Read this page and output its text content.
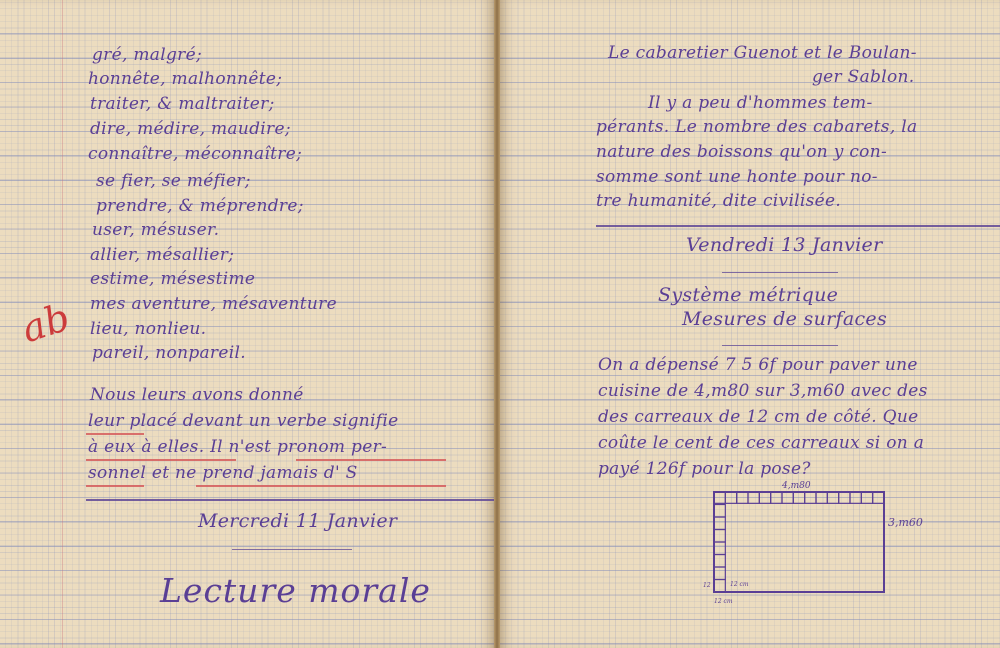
gré, malgré;
honnête, malhonnête;
traiter, & maltraiter;
dire, médire, maudire;
connaître, méconnaître;
se fier, se méfier;
prendre, & méprendre;
user, mésuser.
allier, mésallier;
estime, mésestime
mes aventure, mésaventure
lieu, nonlieu.
pareil, nonpareil.
ab
Nous leurs avons donné
leur placé devant un verbe signifie
à eux à elles. Il n'est pronom per-
sonnel et ne prend jamais d' S
Mercredi 11 Janvier
Lecture morale
Le cabaretier Guenot et le Boulan-
ger Sablon.
Il y a peu d'hommes tem-
pérants. Le nombre des cabarets, la
nature des boissons qu'on y con-
somme sont une honte pour no-
tre humanité, dite civilisée.
Vendredi 13 Janvier
Système métrique
Mesures de surfaces
On a dépensé 7 5 6f pour paver une
cuisine de 4,m80 sur 3,m60 avec des
des carreaux de 12 cm de côté. Que
coûte le cent de ces carreaux si on a
payé 126f pour la pose?
4,m80
3,m60
12	12 cm
12 cm
